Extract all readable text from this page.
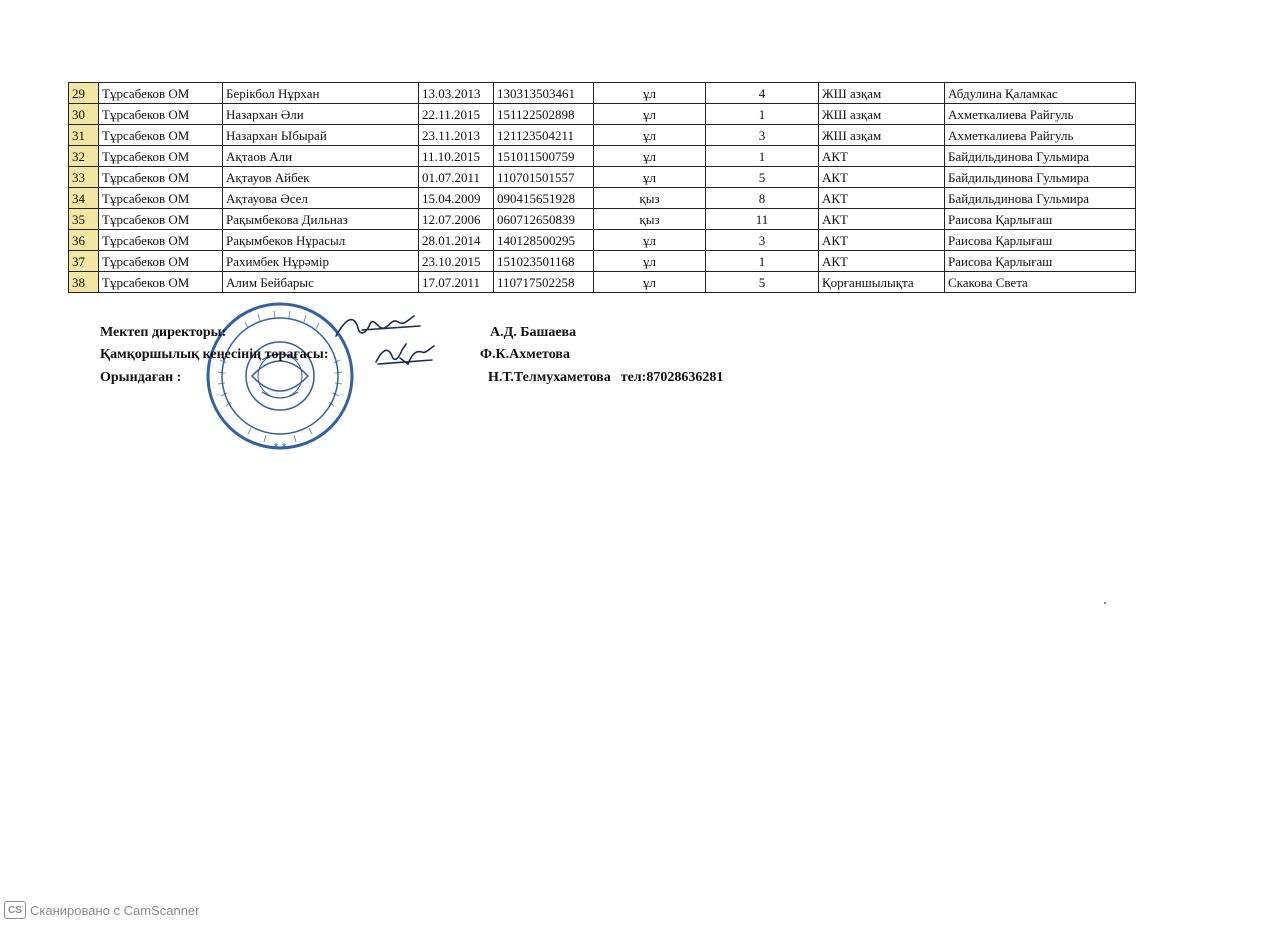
29	Тұрсабеков ОМ	Берікбол Нұрхан	13.03.2013	130313503461	ұл	4	ЖШ азқам	Абдулина Қаламкас
30	Тұрсабеков ОМ	Назархан Әли	22.11.2015	151122502898	ұл	1	ЖШ азқам	Ахметкалиева Райгуль
31	Тұрсабеков ОМ	Назархан Ыбырай	23.11.2013	121123504211	ұл	3	ЖШ азқам	Ахметкалиева Райгуль
32	Тұрсабеков ОМ	Ақтаов Али	11.10.2015	151011500759	ұл	1	АКТ	Байдильдинова Гульмира
33	Тұрсабеков ОМ	Ақтауов Айбек	01.07.2011	110701501557	ұл	5	АКТ	Байдильдинова Гульмира
34	Тұрсабеков ОМ	Ақтауова Әсел	15.04.2009	090415651928	қыз	8	АКТ	Байдильдинова Гульмира
35	Тұрсабеков ОМ	Рақымбекова Дильназ	12.07.2006	060712650839	қыз	11	АКТ	Раисова Қарлығаш
36	Тұрсабеков ОМ	Рақымбеков Нұрасыл	28.01.2014	140128500295	ұл	3	АКТ	Раисова Қарлығаш
37	Тұрсабеков ОМ	Рахимбек Нұрәмір	23.10.2015	151023501168	ұл	1	АКТ	Раисова Қарлығаш
38	Тұрсабеков ОМ	Алим Бейбарыс	17.07.2011	110717502258	ұл	5	Қорғаншылықта	Скакова Света
* *
Мектеп директоры:	А.Д. Башаева
Қамқоршылық кеңесінің төрағасы:	Ф.К.Ахметова
Орындаған :	Н.Т.Телмухаметова тел:87028636281
CS Сканировано с CamScanner
